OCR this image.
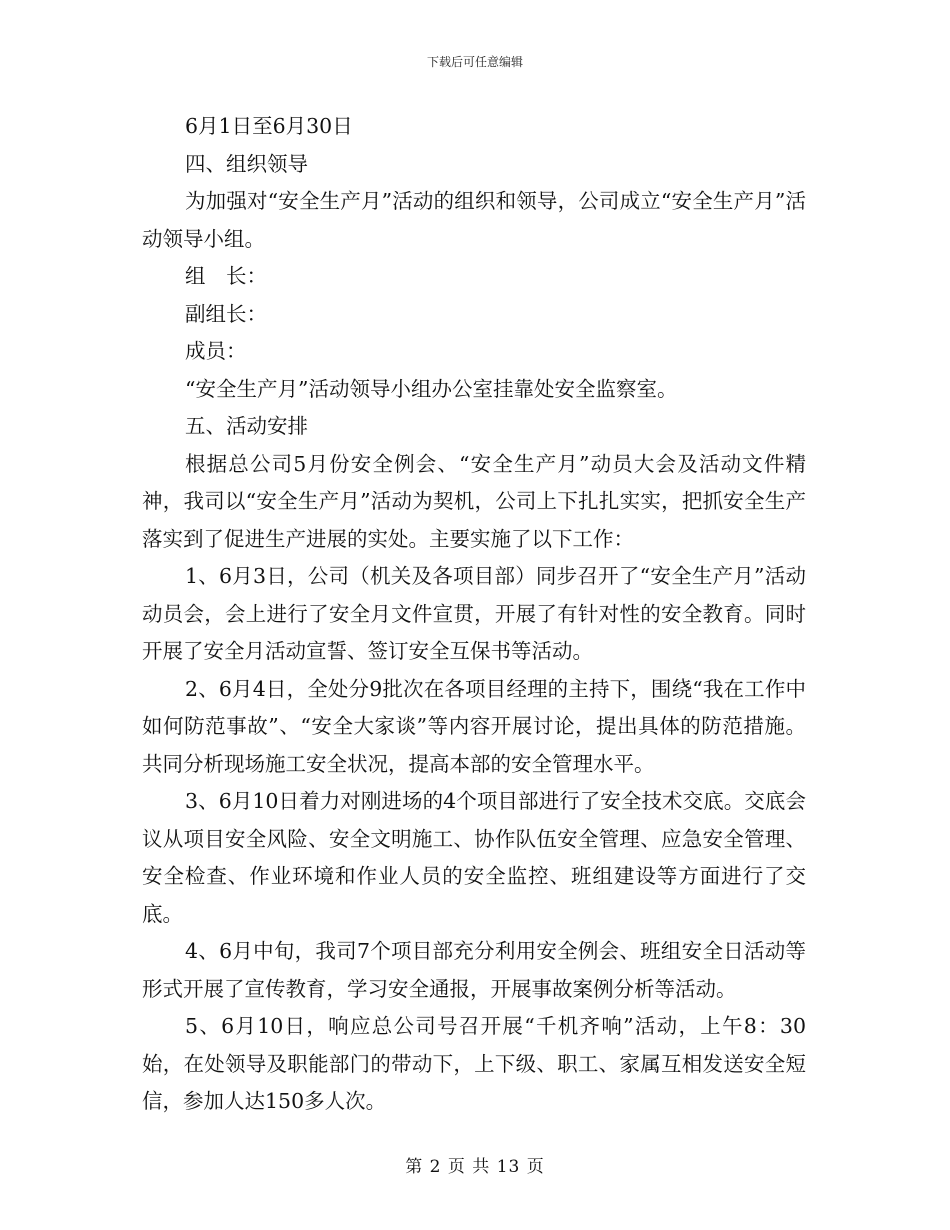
下载后可任意编辑

6月1日至6月30日

四、组织领导

为加强对“安全生产月”活动的组织和领导，公司成立“安全生产月”活动领导小组。

组　长：

副组长：

成员：

“安全生产月”活动领导小组办公室挂靠处安全监察室。

五、活动安排

根据总公司5月份安全例会、“安全生产月”动员大会及活动文件精神，我司以“安全生产月”活动为契机，公司上下扎扎实实，把抓安全生产落实到了促进生产进展的实处。主要实施了以下工作：

1、6月3日，公司（机关及各项目部）同步召开了“安全生产月”活动动员会，会上进行了安全月文件宣贯，开展了有针对性的安全教育。同时开展了安全月活动宣誓、签订安全互保书等活动。

2、6月4日，全处分9批次在各项目经理的主持下，围绕“我在工作中如何防范事故”、“安全大家谈”等内容开展讨论，提出具体的防范措施。共同分析现场施工安全状况，提高本部的安全管理水平。

3、6月10日着力对刚进场的4个项目部进行了安全技术交底。交底会议从项目安全风险、安全文明施工、协作队伍安全管理、应急安全管理、安全检查、作业环境和作业人员的安全监控、班组建设等方面进行了交底。

4、6月中旬，我司7个项目部充分利用安全例会、班组安全日活动等形式开展了宣传教育，学习安全通报，开展事故案例分析等活动。

5、6月10日，响应总公司号召开展“千机齐响”活动，上午8：30始，在处领导及职能部门的带动下，上下级、职工、家属互相发送安全短信，参加人达150多人次。

第 2 页 共 13 页
